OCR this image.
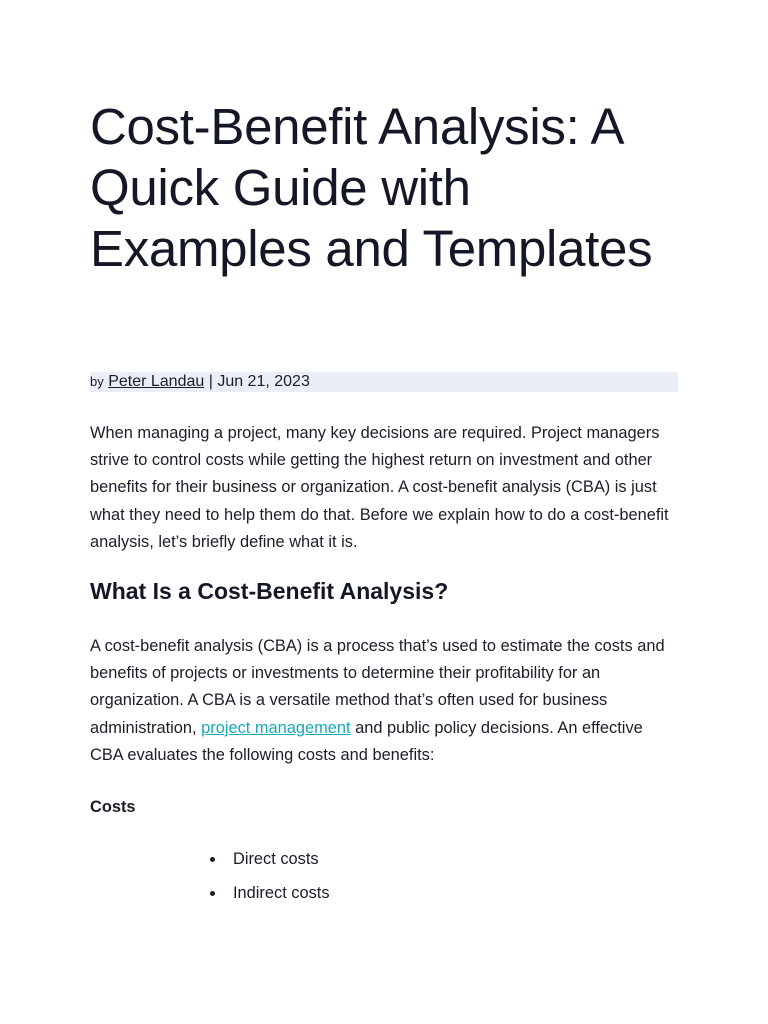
Cost-Benefit Analysis: A Quick Guide with Examples and Templates
by Peter Landau | Jun 21, 2023

When managing a project, many key decisions are required. Project managers strive to control costs while getting the highest return on investment and other benefits for their business or organization. A cost-benefit analysis (CBA) is just what they need to help them do that. Before we explain how to do a cost-benefit analysis, let’s briefly define what it is.

What Is a Cost-Benefit Analysis?

A cost-benefit analysis (CBA) is a process that’s used to estimate the costs and benefits of projects or investments to determine their profitability for an organization. A CBA is a versatile method that’s often used for business administration, project management and public policy decisions. An effective CBA evaluates the following costs and benefits:

Costs
Direct costs
Indirect costs
